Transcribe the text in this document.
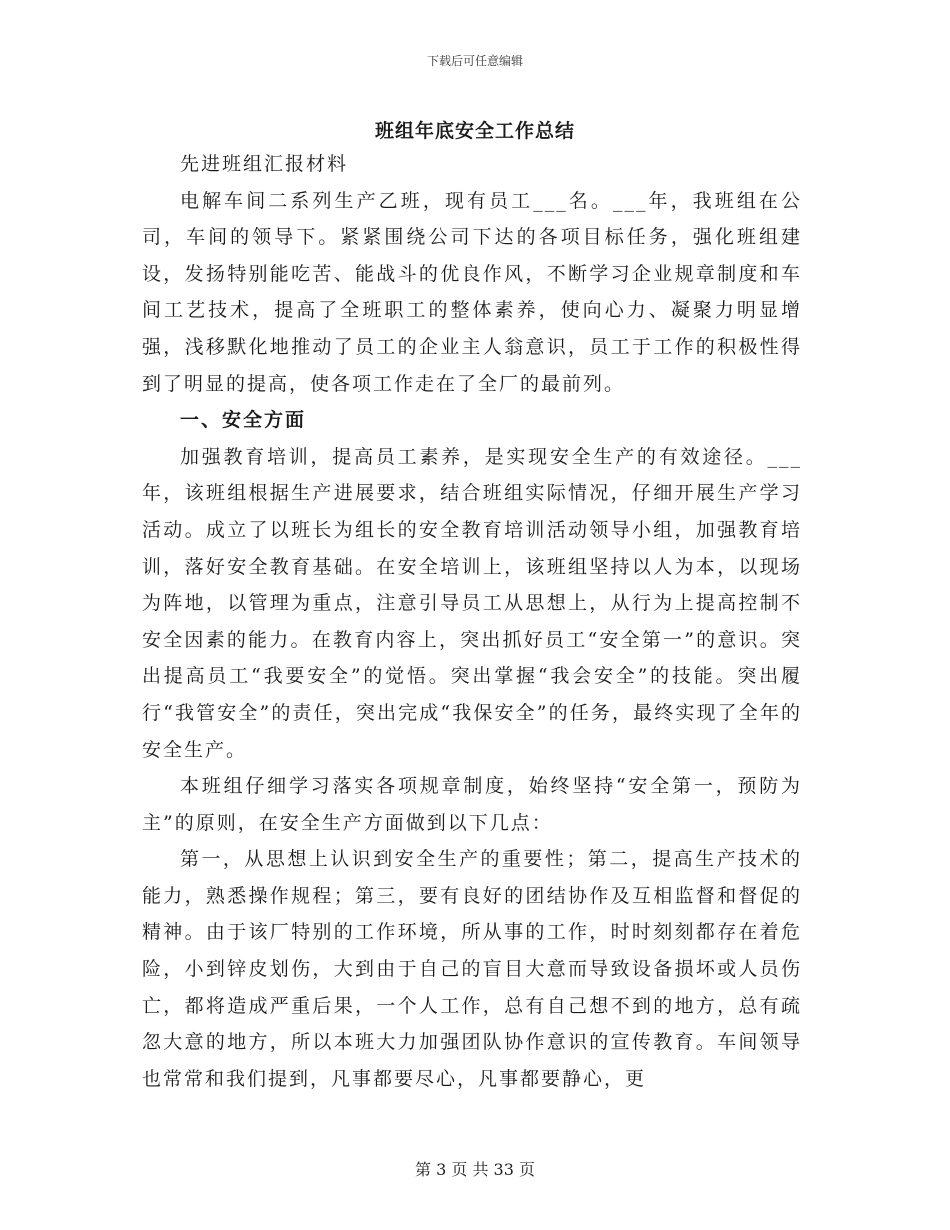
下载后可任意编辑
班组年底安全工作总结

先进班组汇报材料

电解车间二系列生产乙班，现有员工___名。___年，我班组在公司，车间的领导下。紧紧围绕公司下达的各项目标任务，强化班组建设，发扬特别能吃苦、能战斗的优良作风，不断学习企业规章制度和车间工艺技术，提高了全班职工的整体素养，使向心力、凝聚力明显增强，浅移默化地推动了员工的企业主人翁意识，员工于工作的积极性得到了明显的提高，使各项工作走在了全厂的最前列。

一、安全方面

加强教育培训，提高员工素养，是实现安全生产的有效途径。___年，该班组根据生产进展要求，结合班组实际情况，仔细开展生产学习活动。成立了以班长为组长的安全教育培训活动领导小组，加强教育培训，落好安全教育基础。在安全培训上，该班组坚持以人为本，以现场为阵地，以管理为重点，注意引导员工从思想上，从行为上提高控制不安全因素的能力。在教育内容上，突出抓好员工“安全第一”的意识。突出提高员工“我要安全”的觉悟。突出掌握“我会安全”的技能。突出履行“我管安全”的责任，突出完成“我保安全”的任务，最终实现了全年的安全生产。

本班组仔细学习落实各项规章制度，始终坚持“安全第一，预防为主”的原则，在安全生产方面做到以下几点：

第一，从思想上认识到安全生产的重要性；第二，提高生产技术的能力，熟悉操作规程；第三，要有良好的团结协作及互相监督和督促的精神。由于该厂特别的工作环境，所从事的工作，时时刻刻都存在着危险，小到锌皮划伤，大到由于自己的盲目大意而导致设备损坏或人员伤亡，都将造成严重后果，一个人工作，总有自己想不到的地方，总有疏忽大意的地方，所以本班大力加强团队协作意识的宣传教育。车间领导也常常和我们提到，凡事都要尽心，凡事都要静心，更

第 3 页 共 33 页
